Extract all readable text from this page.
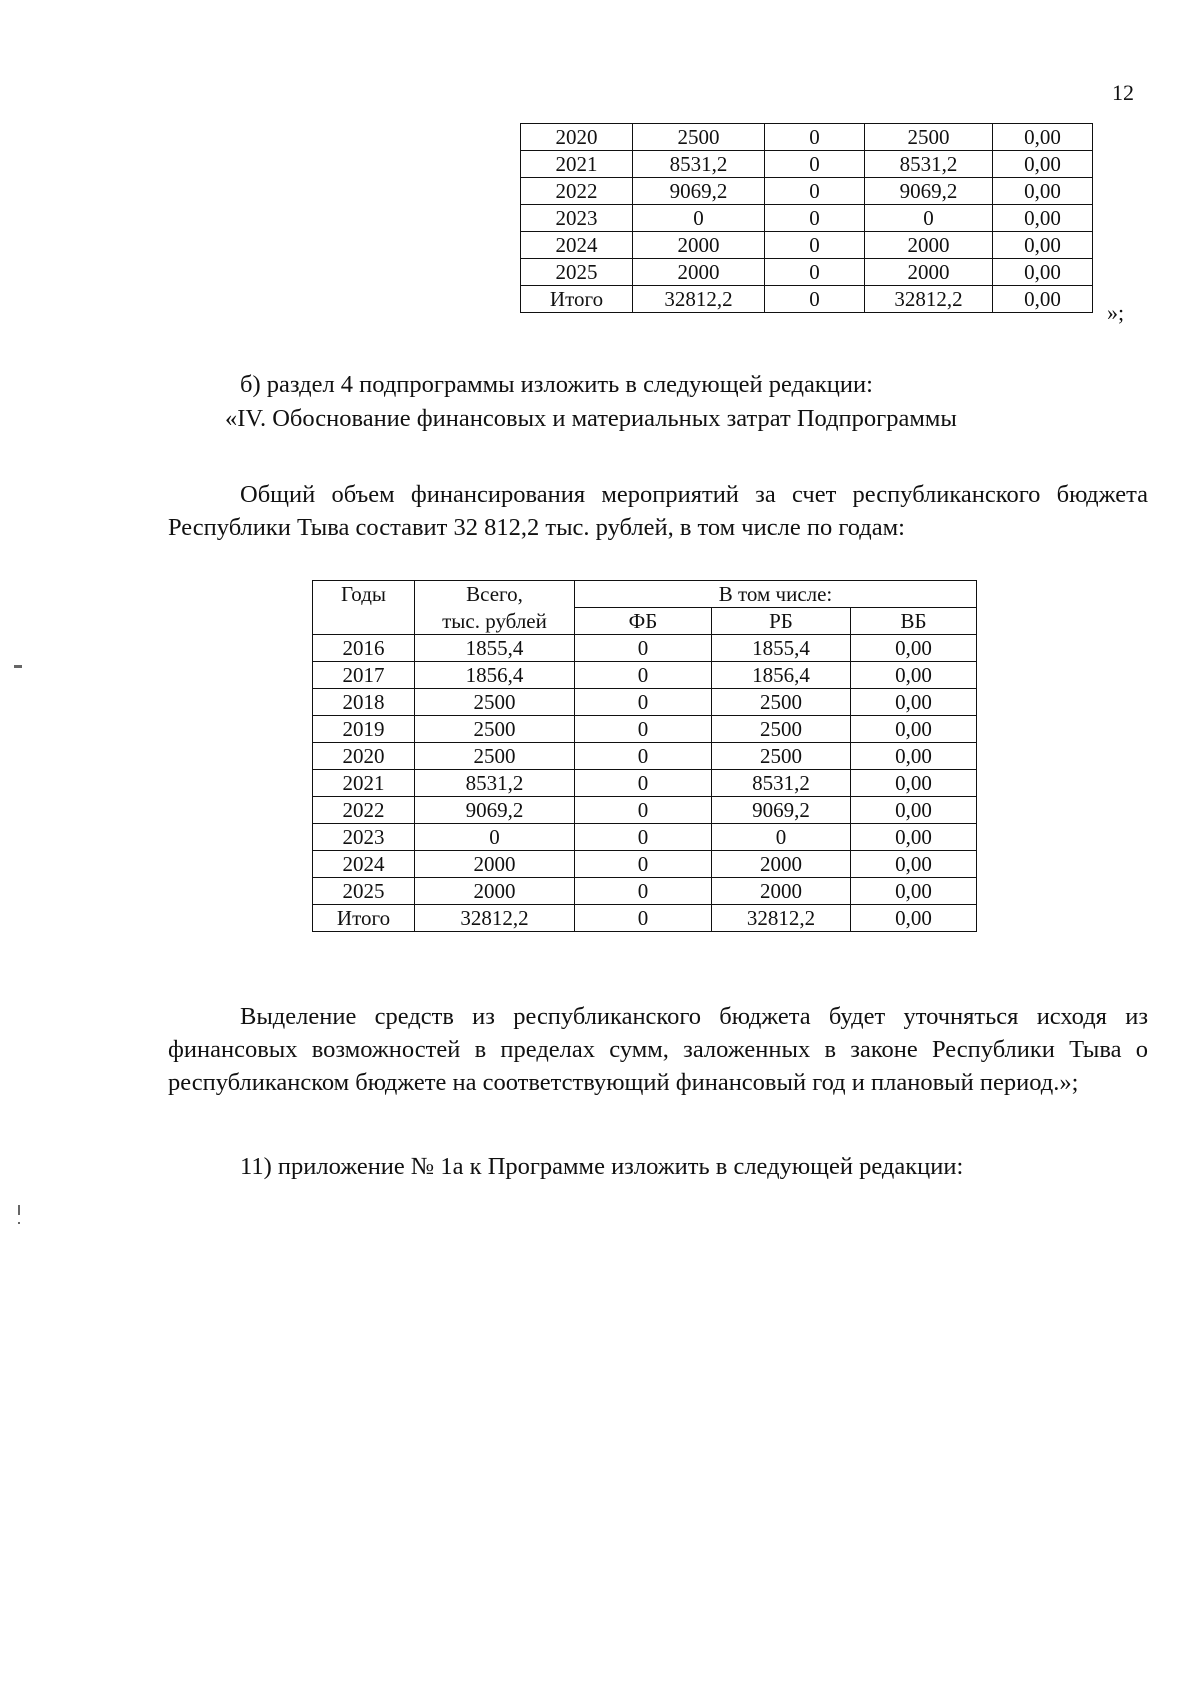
12
2020	2500	0	2500	0,00
2021	8531,2	0	8531,2	0,00
2022	9069,2	0	9069,2	0,00
2023	0	0	0	0,00
2024	2000	0	2000	0,00
2025	2000	0	2000	0,00
Итого	32812,2	0	32812,2	0,00
»;
б) раздел 4 подпрограммы изложить в следующей редакции:
«IV. Обоснование финансовых и материальных затрат Подпрограммы
Общий объем финансирования мероприятий за счет республиканского бюджета Республики Тыва составит 32 812,2 тыс. рублей, в том числе по годам:
Годы	Всего,	В том числе:		
	тыс. рублей	ФБ	РБ	ВБ
2016	1855,4	0	1855,4	0,00
2017	1856,4	0	1856,4	0,00
2018	2500	0	2500	0,00
2019	2500	0	2500	0,00
2020	2500	0	2500	0,00
2021	8531,2	0	8531,2	0,00
2022	9069,2	0	9069,2	0,00
2023	0	0	0	0,00
2024	2000	0	2000	0,00
2025	2000	0	2000	0,00
Итого	32812,2	0	32812,2	0,00
Выделение средств из республиканского бюджета будет уточняться исходя из финансовых возможностей в пределах сумм, заложенных в законе Республики Тыва о республиканском бюджете на соответствующий финансовый год и плановый период.»;
11) приложение № 1а к Программе изложить в следующей редакции:
